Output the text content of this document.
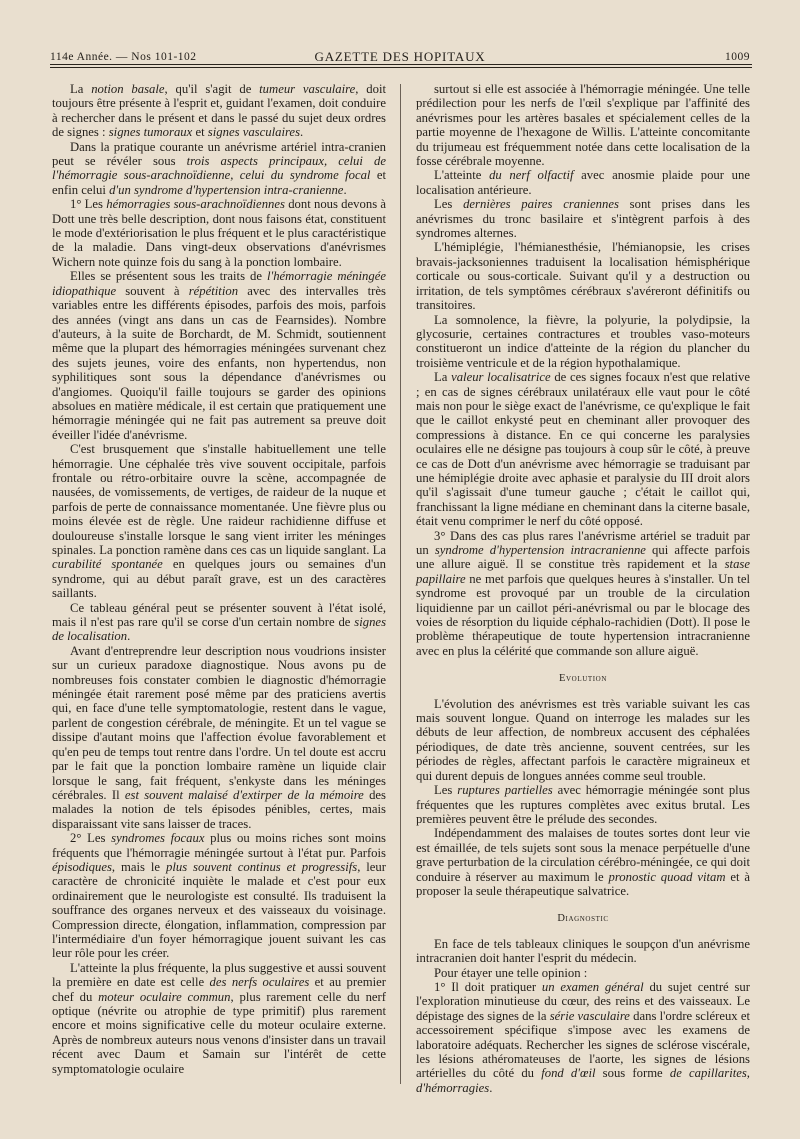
114e Année. — Nos 101-102	GAZETTE DES HOPITAUX	1009

La notion basale, qu'il s'agit de tumeur vasculaire, doit toujours être présente à l'esprit et, guidant l'examen, doit conduire à rechercher dans le présent et dans le passé du sujet deux ordres de signes : signes tumoraux et signes vasculaires.

Dans la pratique courante un anévrisme artériel intra-cranien peut se révéler sous trois aspects principaux, celui de l'hémorragie sous-arachnoïdienne, celui du syndrome focal et enfin celui d'un syndrome d'hypertension intra-cranienne.

1° Les hémorragies sous-arachnoïdiennes dont nous devons à Dott une très belle description, dont nous faisons état, constituent le mode d'extériorisation le plus fréquent et le plus caractéristique de la maladie. Dans vingt-deux observations d'anévrismes Wichern note quinze fois du sang à la ponction lombaire.

Elles se présentent sous les traits de l'hémorragie méningée idiopathique souvent à répétition avec des intervalles très variables entre les différents épisodes, parfois des mois, parfois des années (vingt ans dans un cas de Fearnsides). Nombre d'auteurs, à la suite de Borchardt, de M. Schmidt, soutiennent même que la plupart des hémorragies méningées survenant chez des sujets jeunes, voire des enfants, non hypertendus, non syphilitiques sont sous la dépendance d'anévrismes ou d'angiomes. Quoiqu'il faille toujours se garder des opinions absolues en matière médicale, il est certain que pratiquement une hémorragie méningée qui ne fait pas autrement sa preuve doit éveiller l'idée d'anévrisme.

C'est brusquement que s'installe habituellement une telle hémorragie. Une céphalée très vive souvent occipitale, parfois frontale ou rétro-orbitaire ouvre la scène, accompagnée de nausées, de vomissements, de vertiges, de raideur de la nuque et parfois de perte de connaissance momentanée. Une fièvre plus ou moins élevée est de règle. Une raideur rachidienne diffuse et douloureuse s'installe lorsque le sang vient irriter les méninges spinales. La ponction ramène dans ces cas un liquide sanglant. La curabilité spontanée en quelques jours ou semaines d'un syndrome, qui au début paraît grave, est un des caractères saillants.

Ce tableau général peut se présenter souvent à l'état isolé, mais il n'est pas rare qu'il se corse d'un certain nombre de signes de localisation.

Avant d'entreprendre leur description nous voudrions insister sur un curieux paradoxe diagnostique. Nous avons pu de nombreuses fois constater combien le diagnostic d'hémorragie méningée était rarement posé même par des praticiens avertis qui, en face d'une telle symptomatologie, restent dans le vague, parlent de congestion cérébrale, de méningite. Et un tel vague se dissipe d'autant moins que l'affection évolue favorablement et qu'en peu de temps tout rentre dans l'ordre. Un tel doute est accru par le fait que la ponction lombaire ramène un liquide clair lorsque le sang, fait fréquent, s'enkyste dans les méninges cérébrales. Il est souvent malaisé d'extirper de la mémoire des malades la notion de tels épisodes pénibles, certes, mais disparaissant vite sans laisser de traces.

2° Les syndromes focaux plus ou moins riches sont moins fréquents que l'hémorragie méningée surtout à l'état pur. Parfois épisodiques, mais le plus souvent continus et progressifs, leur caractère de chronicité inquiète le malade et c'est pour eux ordinairement que le neurologiste est consulté. Ils traduisent la souffrance des organes nerveux et des vaisseaux du voisinage. Compression directe, élongation, inflammation, compression par l'intermédiaire d'un foyer hémorragique jouent suivant les cas leur rôle pour les créer.

L'atteinte la plus fréquente, la plus suggestive et aussi souvent la première en date est celle des nerfs oculaires et au premier chef du moteur oculaire commun, plus rarement celle du nerf optique (névrite ou atrophie de type primitif) plus rarement encore et moins significative celle du moteur oculaire externe. Après de nombreux auteurs nous venons d'insister dans un travail récent avec Daum et Samain sur l'intérêt de cette symptomatologie oculaire

surtout si elle est associée à l'hémorragie méningée. Une telle prédilection pour les nerfs de l'œil s'explique par l'affinité des anévrismes pour les artères basales et spécialement celles de la partie moyenne de l'hexagone de Willis. L'atteinte concomitante du trijumeau est fréquemment notée dans cette localisation de la fosse cérébrale moyenne.

L'atteinte du nerf olfactif avec anosmie plaide pour une localisation antérieure.

Les dernières paires craniennes sont prises dans les anévrismes du tronc basilaire et s'intègrent parfois à des syndromes alternes.

L'hémiplégie, l'hémianesthésie, l'hémianopsie, les crises bravais-jacksoniennes traduisent la localisation hémisphérique corticale ou sous-corticale. Suivant qu'il y a destruction ou irritation, de tels symptômes cérébraux s'avéreront définitifs ou transitoires.

La somnolence, la fièvre, la polyurie, la polydipsie, la glycosurie, certaines contractures et troubles vaso-moteurs constitueront un indice d'atteinte de la région du plancher du troisième ventricule et de la région hypothalamique.

La valeur localisatrice de ces signes focaux n'est que relative ; en cas de signes cérébraux unilatéraux elle vaut pour le côté mais non pour le siège exact de l'anévrisme, ce qu'explique le fait que le caillot enkysté peut en cheminant aller provoquer des compressions à distance. En ce qui concerne les paralysies oculaires elle ne désigne pas toujours à coup sûr le côté, à preuve ce cas de Dott d'un anévrisme avec hémorragie se traduisant par une hémiplégie droite avec aphasie et paralysie du III droit alors qu'il s'agissait d'une tumeur gauche ; c'était le caillot qui, franchissant la ligne médiane en cheminant dans la citerne basale, était venu comprimer le nerf du côté opposé.

3° Dans des cas plus rares l'anévrisme artériel se traduit par un syndrome d'hypertension intracranienne qui affecte parfois une allure aiguë. Il se constitue très rapidement et la stase papillaire ne met parfois que quelques heures à s'installer. Un tel syndrome est provoqué par un trouble de la circulation liquidienne par un caillot péri-anévrismal ou par le blocage des voies de résorption du liquide céphalo-rachidien (Dott). Il pose le problème thérapeutique de toute hypertension intracranienne avec en plus la célérité que commande son allure aiguë.

Evolution

L'évolution des anévrismes est très variable suivant les cas mais souvent longue. Quand on interroge les malades sur les débuts de leur affection, de nombreux accusent des céphalées périodiques, de date très ancienne, souvent centrées, sur les périodes de règles, affectant parfois le caractère migraineux et qui durent depuis de longues années comme seul trouble.

Les ruptures partielles avec hémorragie méningée sont plus fréquentes que les ruptures complètes avec exitus brutal. Les premières peuvent être le prélude des secondes.

Indépendamment des malaises de toutes sortes dont leur vie est émaillée, de tels sujets sont sous la menace perpétuelle d'une grave perturbation de la circulation cérébro-méningée, ce qui doit conduire à réserver au maximum le pronostic quoad vitam et à proposer la seule thérapeutique salvatrice.

Diagnostic

En face de tels tableaux cliniques le soupçon d'un anévrisme intracranien doit hanter l'esprit du médecin.

Pour étayer une telle opinion :

1° Il doit pratiquer un examen général du sujet centré sur l'exploration minutieuse du cœur, des reins et des vaisseaux. Le dépistage des signes de la série vasculaire dans l'ordre scléreux et accessoirement spécifique s'impose avec les examens de laboratoire adéquats. Rechercher les signes de sclérose viscérale, les lésions athéromateuses de l'aorte, les signes de lésions artérielles du côté du fond d'œil sous forme de capillarites, d'hémorragies.
